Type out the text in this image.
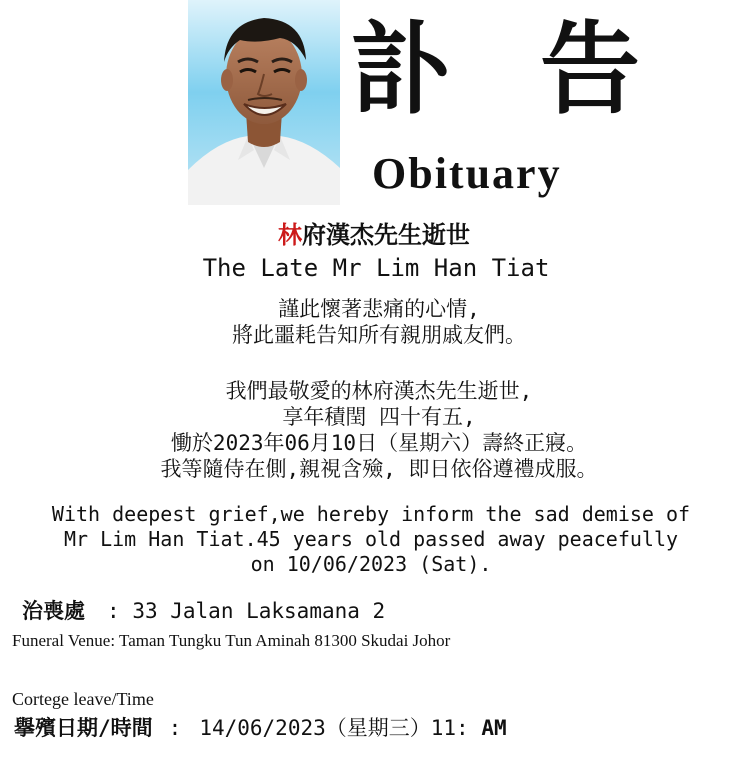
訃 告
Obituary
林府漢杰先生逝世
The Late Mr Lim Han Tiat
謹此懷著悲痛的心情,
將此噩耗告知所有親朋戚友們。
我們最敬愛的林府漢杰先生逝世,
享年積閏 四十有五,
慟於2023年06月10日（星期六）壽終正寢。
我等隨侍在側,親視含殮, 即日依俗遵禮成服。
With deepest grief,we hereby inform the sad demise of
Mr Lim Han Tiat.45 years old passed away peacefully
on 10/06/2023 (Sat).
治喪處 : 33 Jalan Laksamana 2
Funeral Venue: Taman Tungku Tun Aminah 81300 Skudai Johor
Cortege leave/Time
擧殯日期/時間 : 14/06/2023（星期三）11: AM
